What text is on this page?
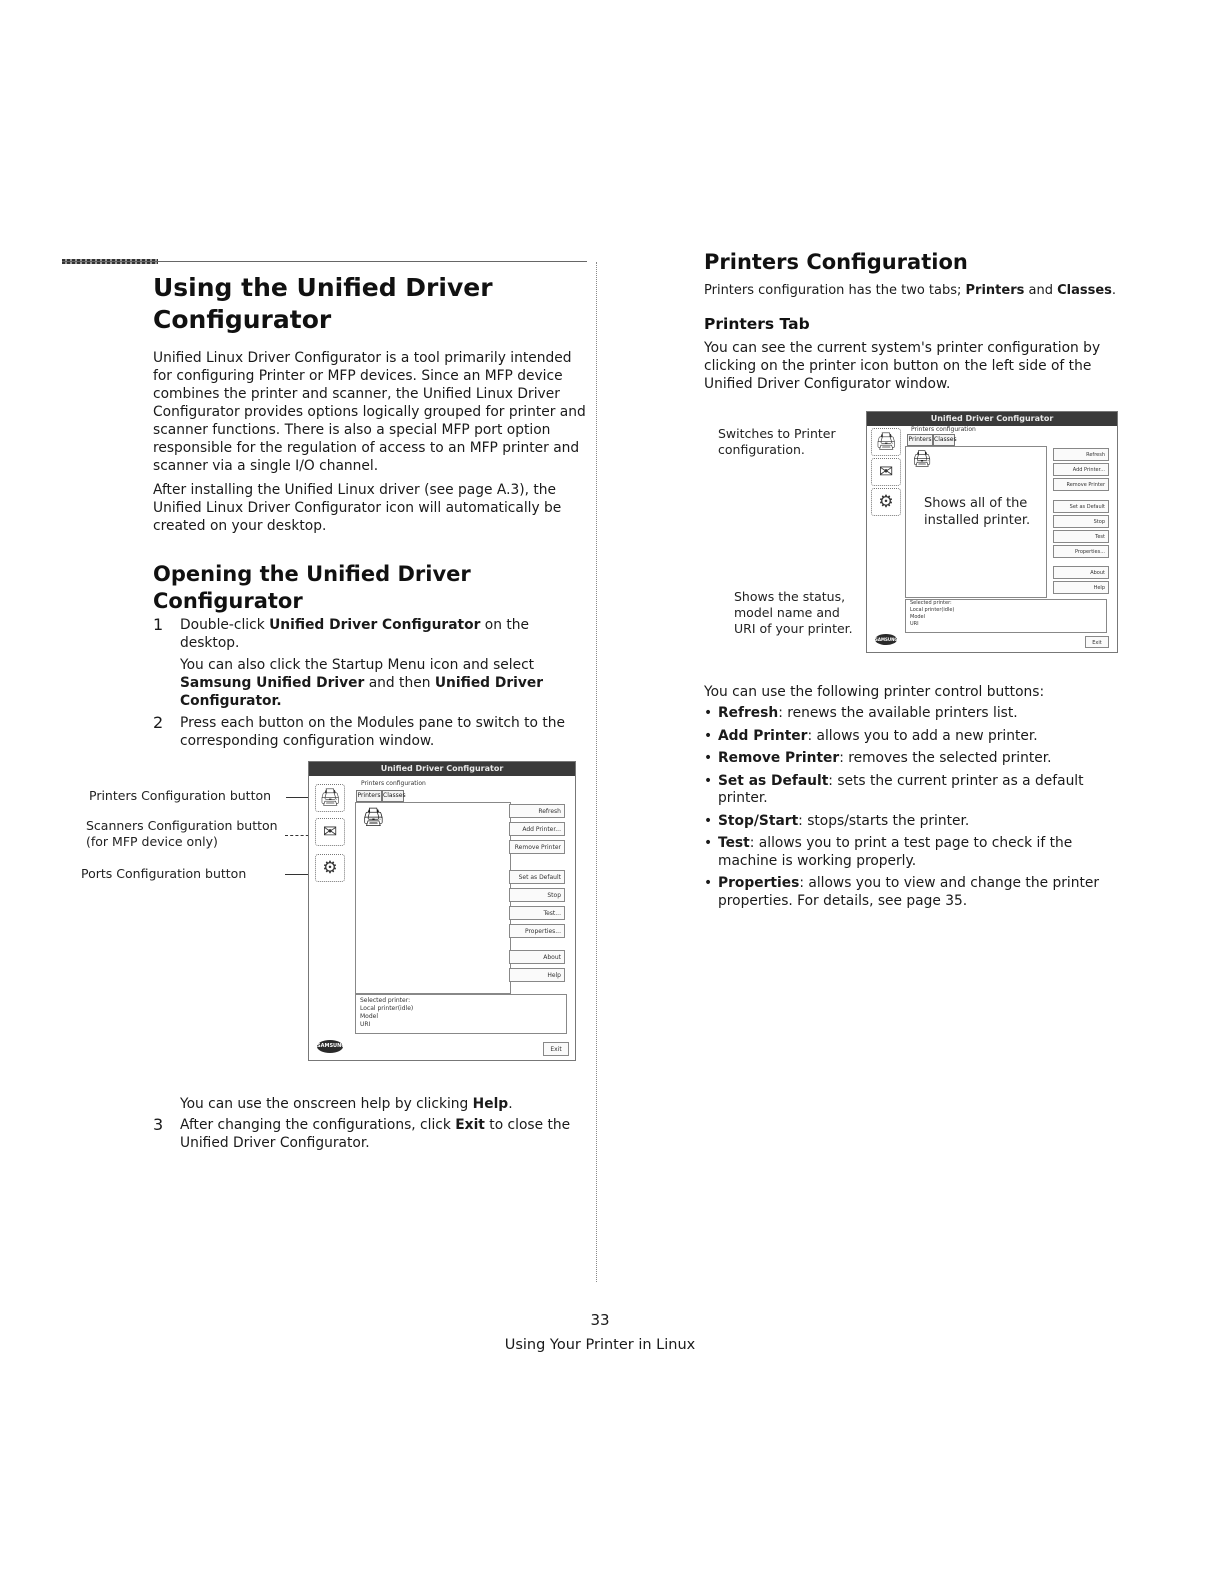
Using the Unified Driver
Configurator

Unified Linux Driver Configurator is a tool primarily intended for configuring Printer or MFP devices. Since an MFP device combines the printer and scanner, the Unified Linux Driver Configurator provides options logically grouped for printer and scanner functions. There is also a special MFP port option responsible for the regulation of access to an MFP printer and scanner via a single I/O channel.

After installing the Unified Linux driver (see page A.3), the Unified Linux Driver Configurator icon will automatically be created on your desktop.

Opening the Unified Driver
Configurator
1 Double-click Unified Driver Configurator on the desktop.
You can also click the Startup Menu icon and select Samsung Unified Driver and then Unified Driver Configurator.
2 Press each button on the Modules pane to switch to the corresponding configuration window.
Printers Configuration button
Scanners Configuration button
(for MFP device only)
Ports Configuration button
Unified Driver Configurator
🖨
✉
⚙
Printers configuration
Printers Classes
🖨	Refresh
Add Printer...
Remove Printer
Set as Default
Stop
Test...
Properties...
About
Help
Selected printer:
Local printer(idle)
Model
URI
SAMSUNG	Exit
You can use the onscreen help by clicking Help.
3 After changing the configurations, click Exit to close the Unified Driver Configurator.
Printers Configuration

Printers configuration has the two tabs; Printers and Classes.

Printers Tab

You can see the current system's printer configuration by clicking on the printer icon button on the left side of the Unified Driver Configurator window.

Switches to Printer
configuration.
Shows the status,
model name and
URI of your printer.
Unified Driver Configurator
🖨
✉
⚙
Printers configuration
Printers Classes
🖨
Shows all of the
installed printer.
Refresh
Add Printer...
Remove Printer
Set as Default
Stop
Test
Properties...
About
Help
Selected printer:
Local printer(idle)
Model
URI
SAMSUNG
Exit

You can use the following printer control buttons:

• Refresh: renews the available printers list.
• Add Printer: allows you to add a new printer.
• Remove Printer: removes the selected printer.
• Set as Default: sets the current printer as a default printer.
• Stop/Start: stops/starts the printer.
• Test: allows you to print a test page to check if the machine is working properly.
• Properties: allows you to view and change the printer properties. For details, see page 35.
33
Using Your Printer in Linux
